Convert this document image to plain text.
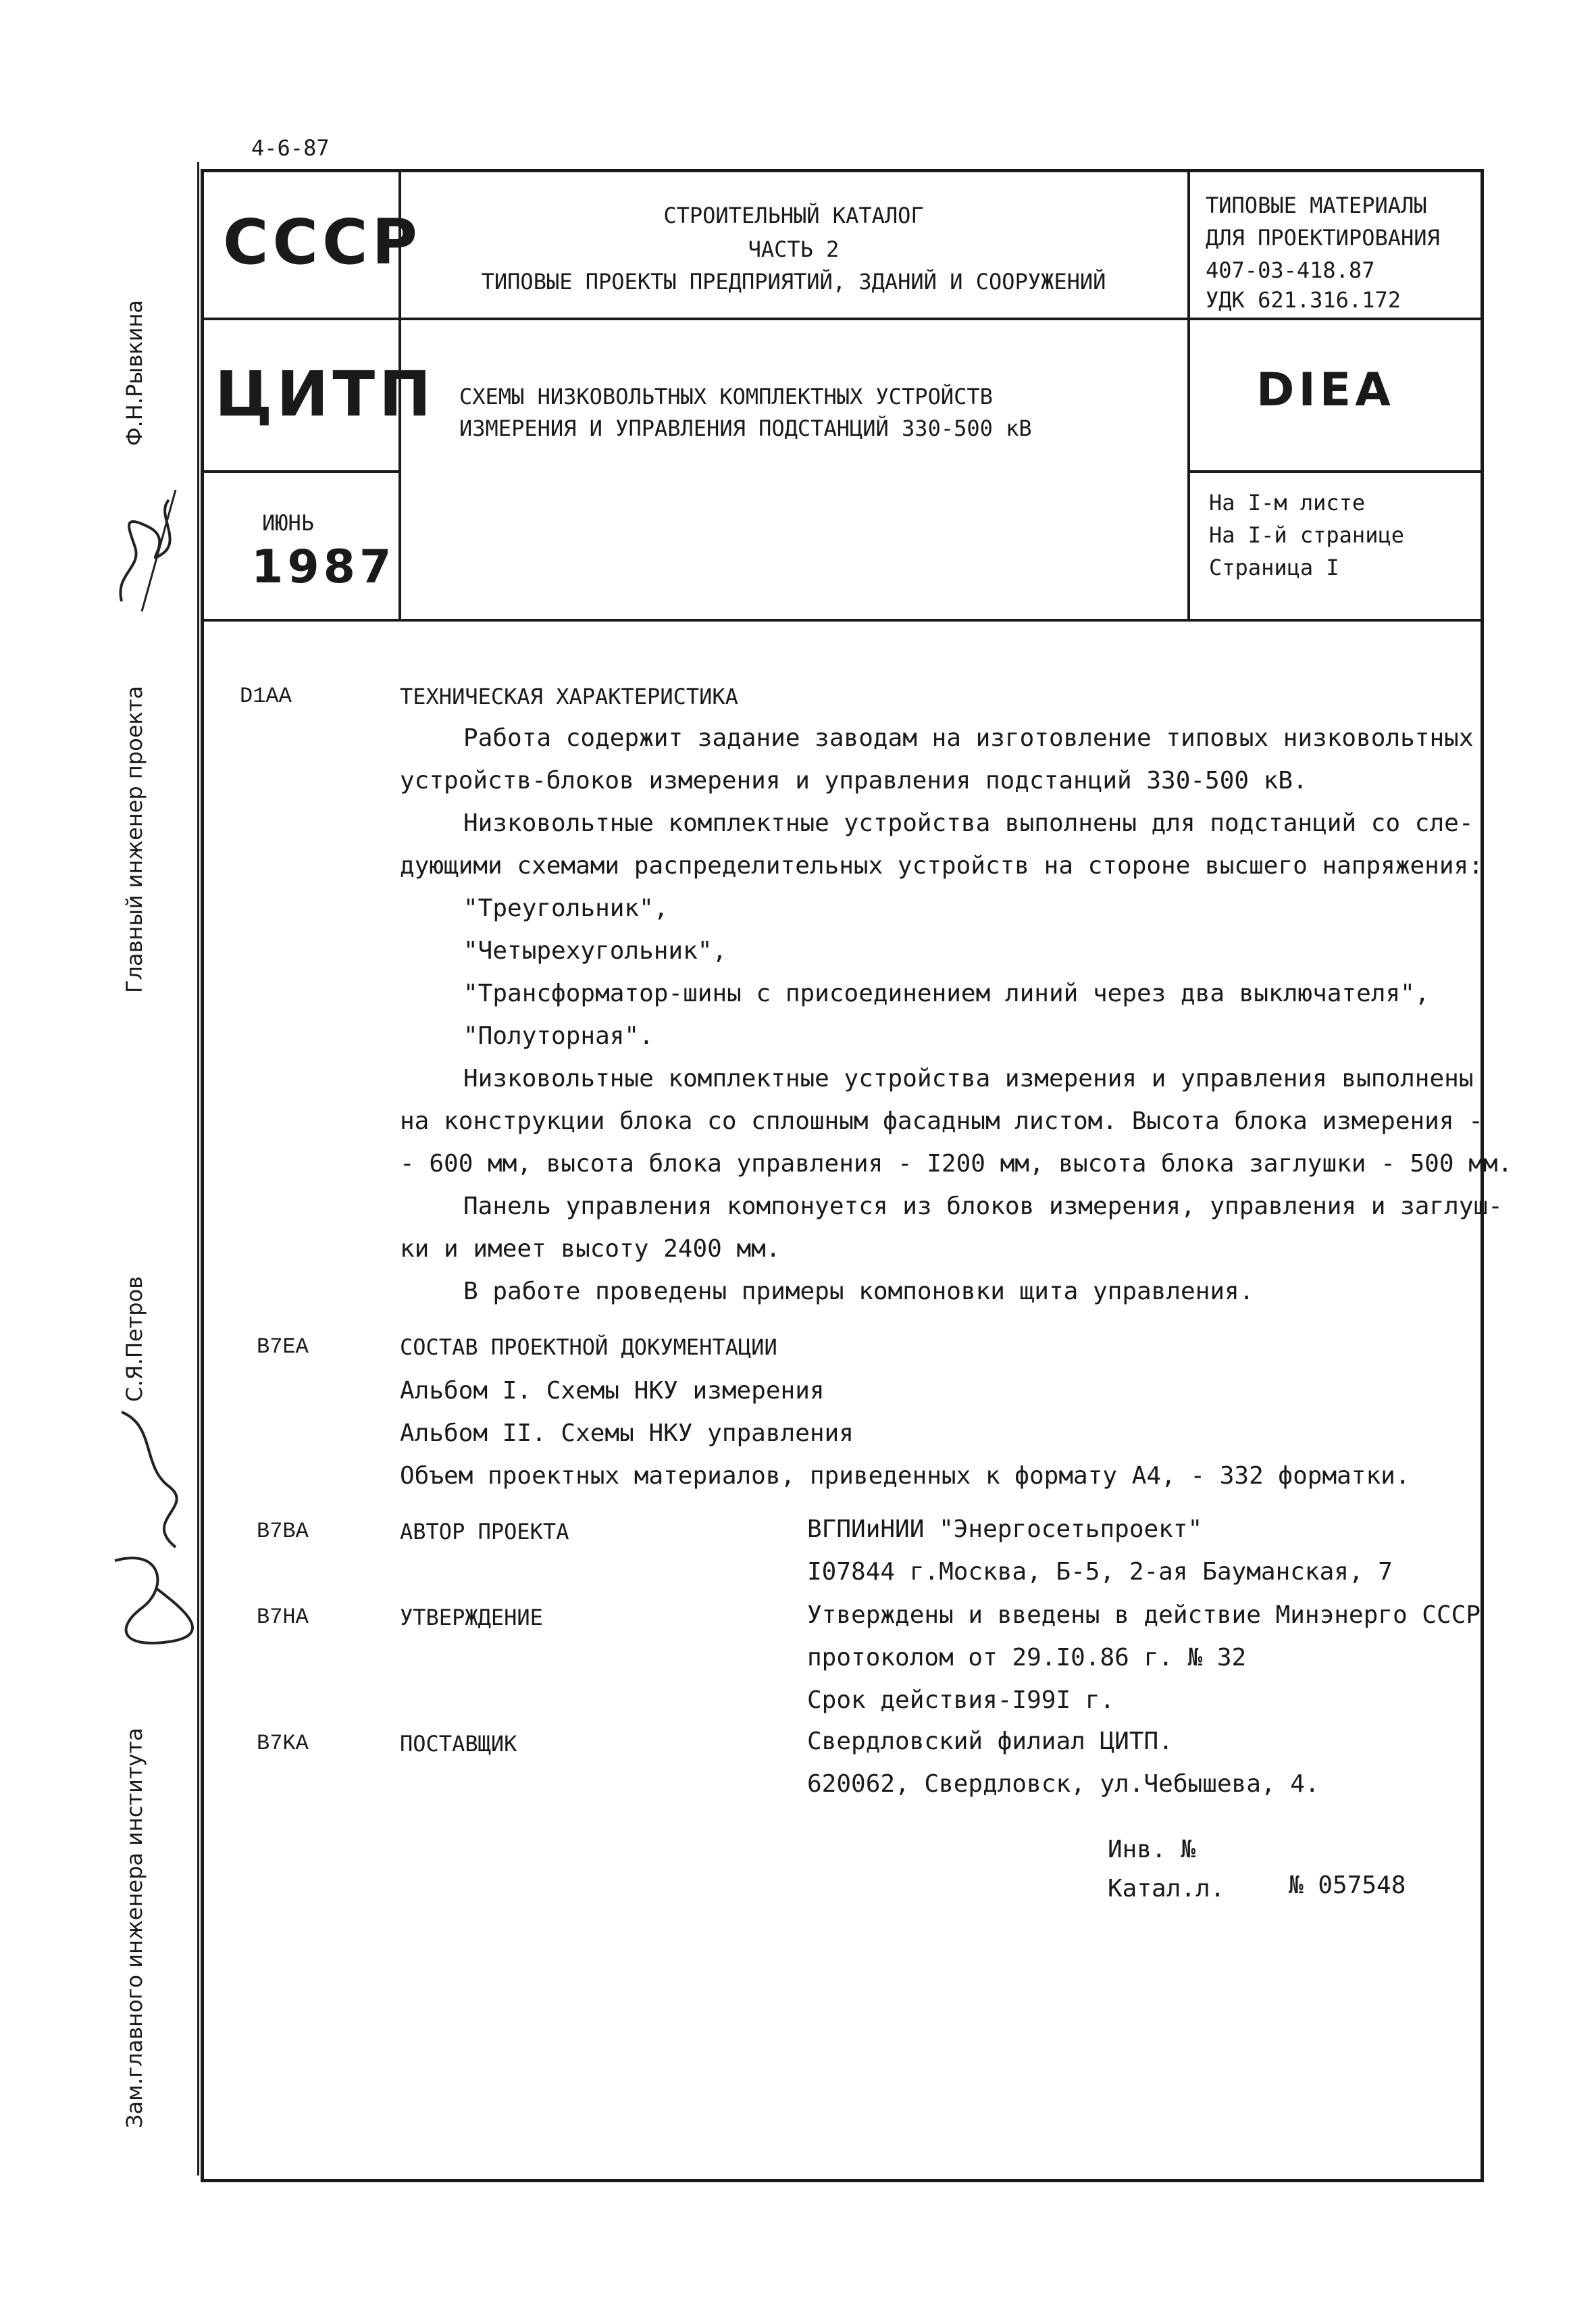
4-6-87
Ф.Н.Рывкина
Главный инженер проекта
С.Я.Петров
Зам.главного инженера института
СССР
ЦИТП
ИЮНЬ
1987
СТРОИТЕЛЬНЫЙ КАТАЛОГ
ЧАСТЬ 2
ТИПОВЫЕ ПРОЕКТЫ ПРЕДПРИЯТИЙ, ЗДАНИЙ И СООРУЖЕНИЙ
ТИПОВЫЕ МАТЕРИАЛЫ
ДЛЯ ПРОЕКТИРОВАНИЯ
407-03-418.87
УДК 621.316.172
СХЕМЫ НИЗКОВОЛЬТНЫХ КОМПЛЕКТНЫХ УСТРОЙСТВ
ИЗМЕРЕНИЯ И УПРАВЛЕНИЯ ПОДСТАНЦИЙ 330-500 кВ
DIEA
На I-м листе
На I-й странице
Страница I
D1AA	ТЕХНИЧЕСКАЯ ХАРАКТЕРИСТИКА
Работа содержит задание заводам на изготовление типовых низковольтных
устройств-блоков измерения и управления подстанций 330-500 кВ.
Низковольтные комплектные устройства выполнены для подстанций со сле-
дующими схемами распределительных устройств на стороне высшего напряжения:
"Треугольник",
"Четырехугольник",
"Трансформатор-шины с присоединением линий через два выключателя",
"Полуторная".
Низковольтные комплектные устройства измерения и управления выполнены
на конструкции блока со сплошным фасадным листом. Высота блока измерения -
- 600 мм, высота блока управления - I200 мм, высота блока заглушки - 500 мм.
Панель управления компонуется из блоков измерения, управления и заглуш-
ки и имеет высоту 2400 мм.
В работе проведены примеры компоновки щита управления.
B7EA	СОСТАВ ПРОЕКТНОЙ ДОКУМЕНТАЦИИ
Альбом I. Схемы НКУ измерения
Альбом II. Схемы НКУ управления
Объем проектных материалов, приведенных к формату А4, - 332 форматки.
B7BA	АВТОР ПРОЕКТА	ВГПИиНИИ "Энергосетьпроект"
I07844 г.Москва, Б-5, 2-ая Бауманская, 7
B7HA	УТВЕРЖДЕНИЕ	Утверждены и введены в действие Минэнерго СССР
протоколом от 29.I0.86 г. № 32
Срок действия-I99I г.
B7KA	ПОСТАВЩИК	Свердловский филиал ЦИТП.
620062, Свердловск, ул.Чебышева, 4.
Инв. №
Катал.л.	№ 057548
